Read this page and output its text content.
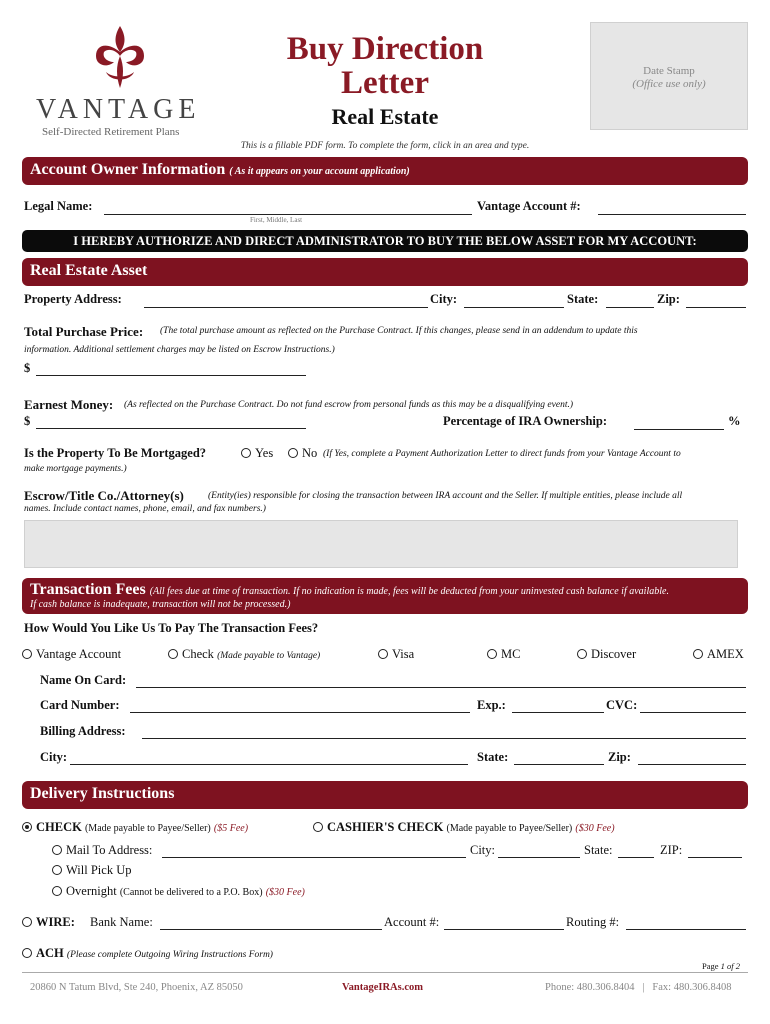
VANTAGE
Self-Directed Retirement Plans
Buy Direction
Letter
Real Estate
Date Stamp
(Office use only)
This is a fillable PDF form. To complete the form, click in an area and type.
Account Owner Information ( As it appears on your account application)
Legal Name:
First, Middle, Last
Vantage Account #:
I HEREBY AUTHORIZE AND DIRECT ADMINISTRATOR TO BUY THE BELOW ASSET FOR MY ACCOUNT:
Real Estate Asset
Property Address:	City:	State:	Zip:
Total Purchase Price: (The total purchase amount as reflected on the Purchase Contract. If this changes, please send in an addendum to update this
information. Additional settlement charges may be listed on Escrow Instructions.)
$
Earnest Money: (As reflected on the Purchase Contract. Do not fund escrow from personal funds as this may be a disqualifying event.)
$	Percentage of IRA Ownership:	%
Is the Property To Be Mortgaged?	Yes	No (If Yes, complete a Payment Authorization Letter to direct funds from your Vantage Account to
make mortgage payments.)
Escrow/Title Co./Attorney(s)	(Entity(ies) responsible for closing the transaction between IRA account and the Seller. If multiple entities, please include all
names. Include contact names, phone, email, and fax numbers.)
Transaction Fees (All fees due at time of transaction. If no indication is made, fees will be deducted from your uninvested cash balance if available.
If cash balance is inadequate, transaction will not be processed.)
How Would You Like Us To Pay The Transaction Fees?
Vantage Account	Check (Made payable to Vantage)	Visa	MC	Discover	AMEX
Name On Card:
Card Number:	Exp.:	CVC:
Billing Address:
City:	State:	Zip:
Delivery Instructions
CHECK (Made payable to Payee/Seller) ($5 Fee)	CASHIER'S CHECK (Made payable to Payee/Seller) ($30 Fee)
Mail To Address:	City:	State:	ZIP:
Will Pick Up
Overnight (Cannot be delivered to a P.O. Box) ($30 Fee)
WIRE: Bank Name:	Account #:	Routing #:
ACH (Please complete Outgoing Wiring Instructions Form)
Page 1 of 2
20860 N Tatum Blvd, Ste 240, Phoenix, AZ 85050	VantageIRAs.com	Phone: 480.306.8404 | Fax: 480.306.8408
